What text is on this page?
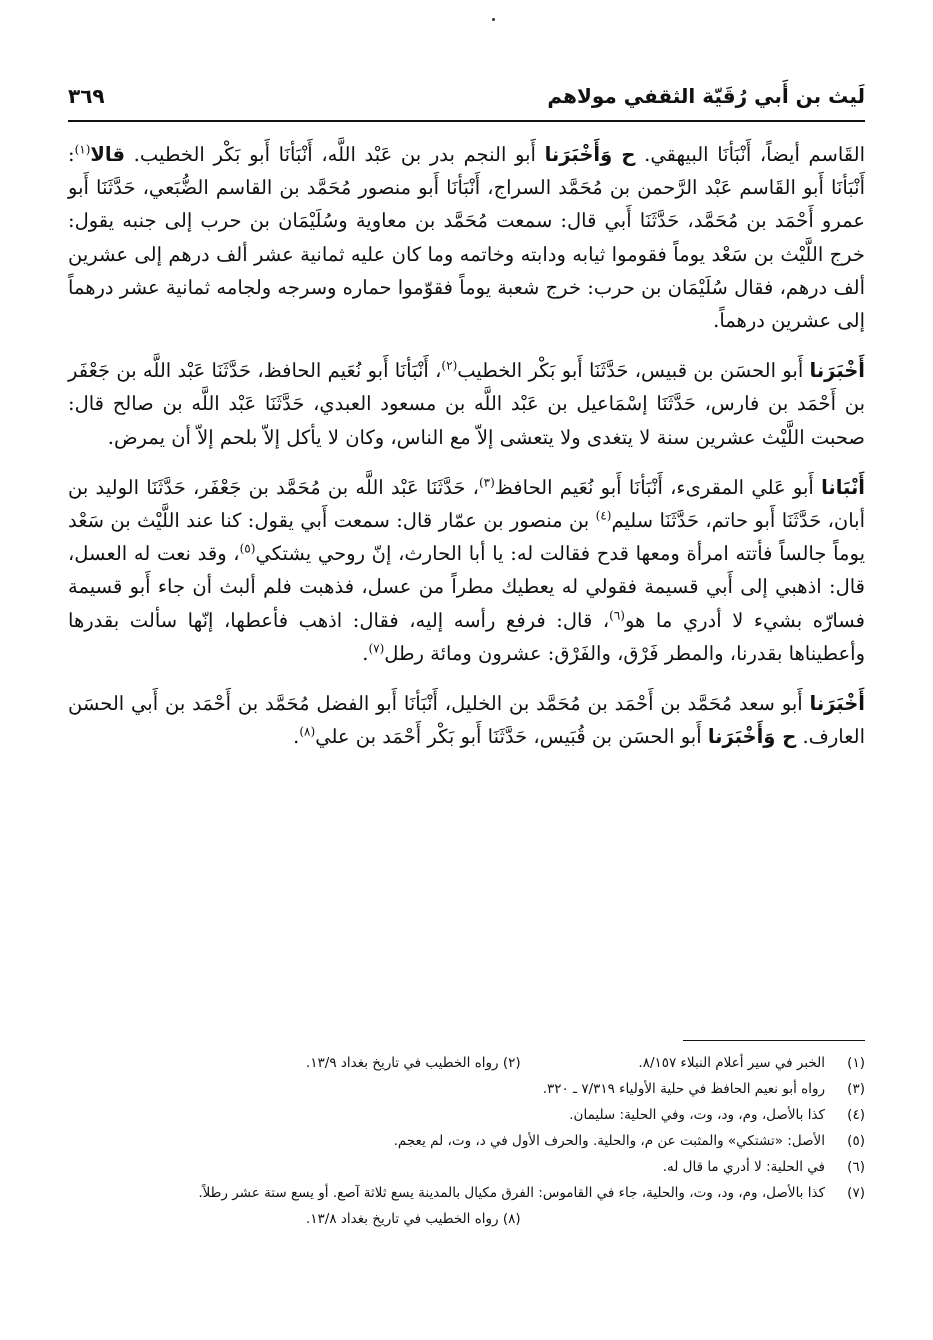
لَيث بن أَبي رُقَيّة الثقفي مولاهم
٣٦٩

القَاسم أيضاً، أَنْبَأنَا البيهقي. ح وَأَخْبَرَنا أَبو النجم بدر بن عَبْد اللَّه، أَنْبَأنَا أَبو بَكْر الخطيب. قالا$^{(١)}$: أَنْبَأنَا أَبو القَاسم عَبْد الرَّحمن بن مُحَمَّد السراج، أَنْبَأنَا أَبو منصور مُحَمَّد بن القاسم الضُّبَعي، حَدَّثَنَا أَبو عمرو أَحْمَد بن مُحَمَّد، حَدَّثَنَا أَبي قال: سمعت مُحَمَّد بن معاوية وسُلَيْمَان بن حرب إلى جنبه يقول: خرج اللَّيْث بن سَعْد يوماً فقوموا ثيابه ودابته وخاتمه وما كان عليه ثمانية عشر ألف درهم إلى عشرين ألف درهم، فقال سُلَيْمَان بن حرب: خرج شعبة يوماً فقوّموا حماره وسرجه ولجامه ثمانية عشر درهماً إلى عشرين درهماً.

أَخْبَرَنا أَبو الحسَن بن قبيس، حَدَّثَنَا أَبو بَكْر الخطيب$^{(٢)}$، أَنْبَأنَا أَبو نُعَيم الحافظ، حَدَّثَنَا عَبْد اللَّه بن جَعْفَر بن أَحْمَد بن فارس، حَدَّثَنَا إسْمَاعيل بن عَبْد اللَّه بن مسعود العبدي، حَدَّثَنَا عَبْد اللَّه بن صالح قال: صحبت اللَّيْث عشرين سنة لا يتغدى ولا يتعشى إلاّ مع الناس، وكان لا يأكل إلاّ بلحم إلاّ أن يمرض.

أَنْبَانا أَبو عَلي المقرىء، أَنْبَأنَا أَبو نُعَيم الحافظ$^{(٣)}$، حَدَّثَنَا عَبْد اللَّه بن مُحَمَّد بن جَعْفَر، حَدَّثَنَا الوليد بن أبان، حَدَّثَنَا أَبو حاتم، حَدَّثَنَا سليم$^{(٤)}$ بن منصور بن عمّار قال: سمعت أَبي يقول: كنا عند اللَّيْث بن سَعْد يوماً جالساً فأتته امرأة ومعها قدح فقالت له: يا أبا الحارث، إنّ روحي يشتكي$^{(٥)}$، وقد نعت له العسل، قال: اذهبي إلى أَبي قسيمة فقولي له يعطيك مطراً من عسل، فذهبت فلم ألبث أن جاء أَبو قسيمة فسارّه بشيء لا أدري ما هو$^{(٦)}$، قال: فرفع رأسه إليه، فقال: اذهب فأعطها، إنّها سألت بقدرها وأعطيناها بقدرنا، والمطر فَرْق، والفَرْق: عشرون ومائة رطل$^{(٧)}$.

أَخْبَرَنا أَبو سعد مُحَمَّد بن أَحْمَد بن مُحَمَّد بن الخليل، أَنْبَأنَا أَبو الفضل مُحَمَّد بن أَحْمَد بن أَبي الحسَن العارف. ح وَأَخْبَرَنا أَبو الحسَن بن قُبَيس، حَدَّثَنَا أَبو بَكْر أَحْمَد بن علي$^{(٨)}$.

(١)
الخبر في سير أعلام النبلاء ٨/١٥٧. (٢) رواه الخطيب في تاريخ بغداد ١٣/٩.
(٣)
رواه أبو نعيم الحافظ في حلية الأولياء ٧/٣١٩ ـ ٣٢٠.
(٤)
كذا بالأصل، وم، ود، وت، وفي الحلية: سليمان.
(٥)
الأصل: «تشتكي» والمثبت عن م، والحلية. والحرف الأول في د، وت، لم يعجم.
(٦)
في الحلية: لا أدري ما قال له.
(٧)
كذا بالأصل، وم، ود، وت، والحلية، جاء في القاموس: الفرق مكيال بالمدينة يسع ثلاثة آصع. أو يسع ستة عشر رطلاً.
(٨) رواه الخطيب في تاريخ بغداد ١٣/٨.
